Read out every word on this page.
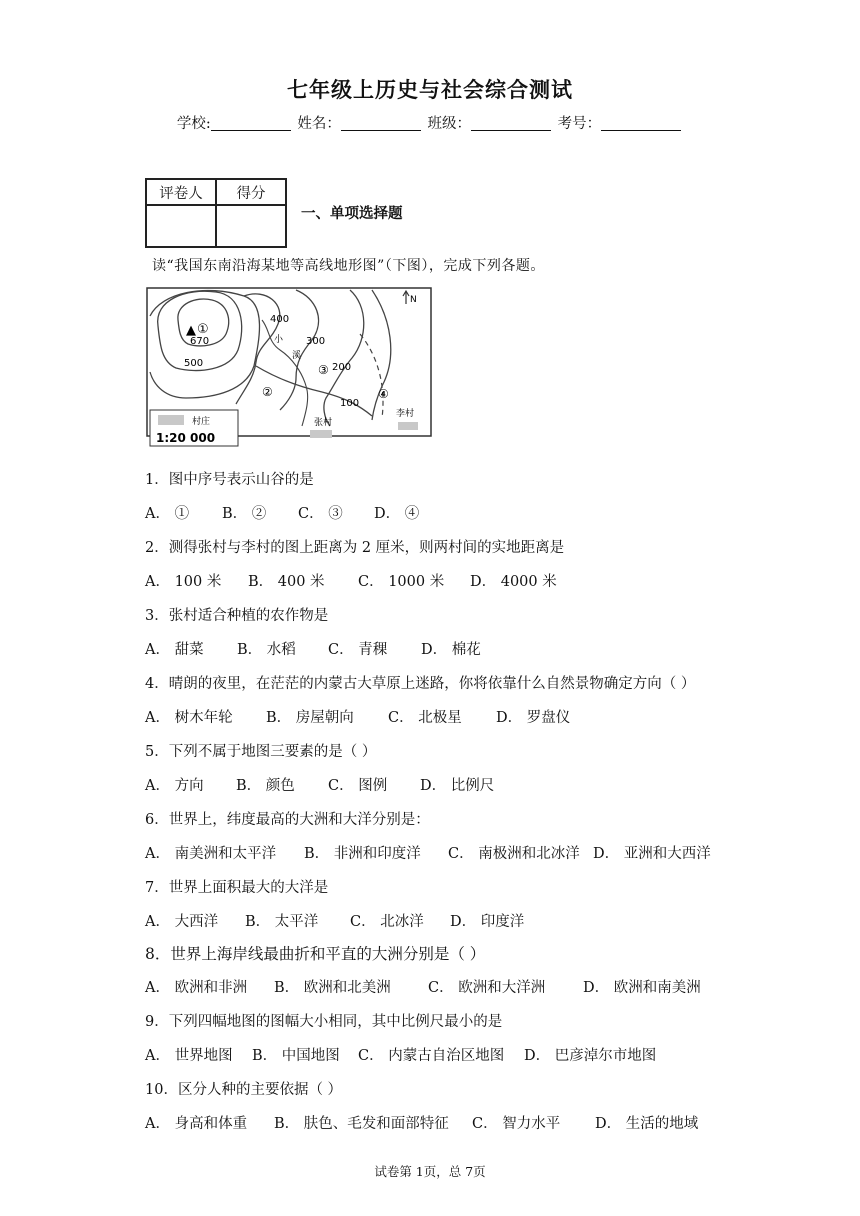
七年级上历史与社会综合测试
学校:	姓名：	班级：	考号：
评卷人	得分

一、单项选择题
读“我国东南沿海某地等高线地形图”（下图），完成下列各题。
▲ ①
670
500
400
300
200
100
②
③
④
小
溪
N
村庄
1:20 000
张村
李村
1．图中序号表示山谷的是
A． ① B． ② C． ③ D． ④
2．测得张村与李村的图上距离为 2 厘米，则两村间的实地距离是
A． 100 米 B． 400 米 C． 1000 米 D． 4000 米
3．张村适合种植的农作物是
A． 甜菜 B． 水稻 C． 青稞 D． 棉花
4．晴朗的夜里，在茫茫的内蒙古大草原上迷路，你将依靠什么自然景物确定方向（ ）
A． 树木年轮 B． 房屋朝向 C． 北极星 D． 罗盘仪
5．下列不属于地图三要素的是（ ）
A． 方向 B． 颜色 C． 图例 D． 比例尺
6．世界上，纬度最高的大洲和大洋分别是：
A． 南美洲和太平洋 B． 非洲和印度洋 C． 南极洲和北冰洋 D． 亚洲和大西洋
7．世界上面积最大的大洋是
A． 大西洋 B． 太平洋 C． 北冰洋 D． 印度洋
8．世界上海岸线最曲折和平直的大洲分别是（ ）
A． 欧洲和非洲 B． 欧洲和北美洲	C． 欧洲和大洋洲	D． 欧洲和南美洲
9．下列四幅地图的图幅大小相同，其中比例尺最小的是
A． 世界地图 B． 中国地图 C． 内蒙古自治区地图 D． 巴彦淖尔市地图
10．区分人种的主要依据（ ）
A． 身高和体重 B． 肤色、毛发和面部特征 C． 智力水平 D． 生活的地域
试卷第 1页，总 7页
